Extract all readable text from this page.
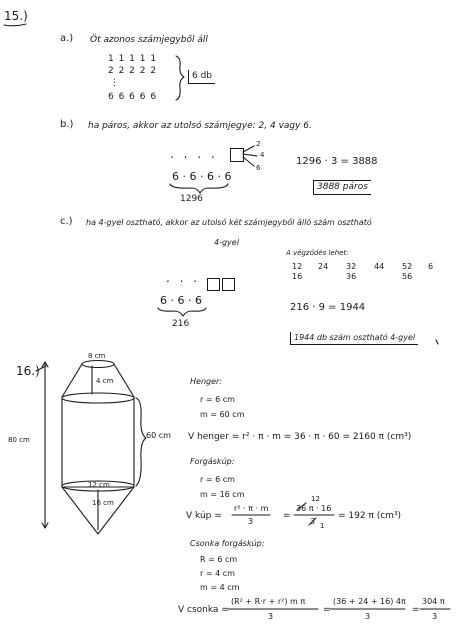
15.)
a.) Öt azonos számjegyből áll
1 1 1 1 1
2 2 2 2 2
⋮
6 6 6 6 6
6 db
b.) ha páros, akkor az utolsó számjegye: 2, 4 vagy 6.
. . . .
2
4
6
6 · 6 · 6 · 6
1296
1296 · 3 = 3888
3888 páros
c.) ha 4-gyel osztható, akkor az utolsó két számjegyből álló szám osztható
4-gyel
A végződés lehet:
12 24 32 44 52 6
16	36	56
. . .
6 · 6 · 6
216
216 · 9 = 1944
1944 db szám osztható 4-gyel
16.)
8 cm
4 cm
60 cm
12 cm
16 cm
80 cm
Henger:
r = 6 cm
m = 60 cm
V henger = r² · π · m = 36 · π · 60 = 2160 π (cm³)
Forgáskúp:
r = 6 cm
m = 16 cm
V kúp =
r² · π · m
3
=
12
36 π · 16
3 1
= 192 π (cm³)
Csonka forgáskúp:
R = 6 cm
r = 4 cm
m = 4 cm
V csonka =
(R² + R·r + r²) m π
3
=
(36 + 24 + 16) 4π
3
=
304 π
3
